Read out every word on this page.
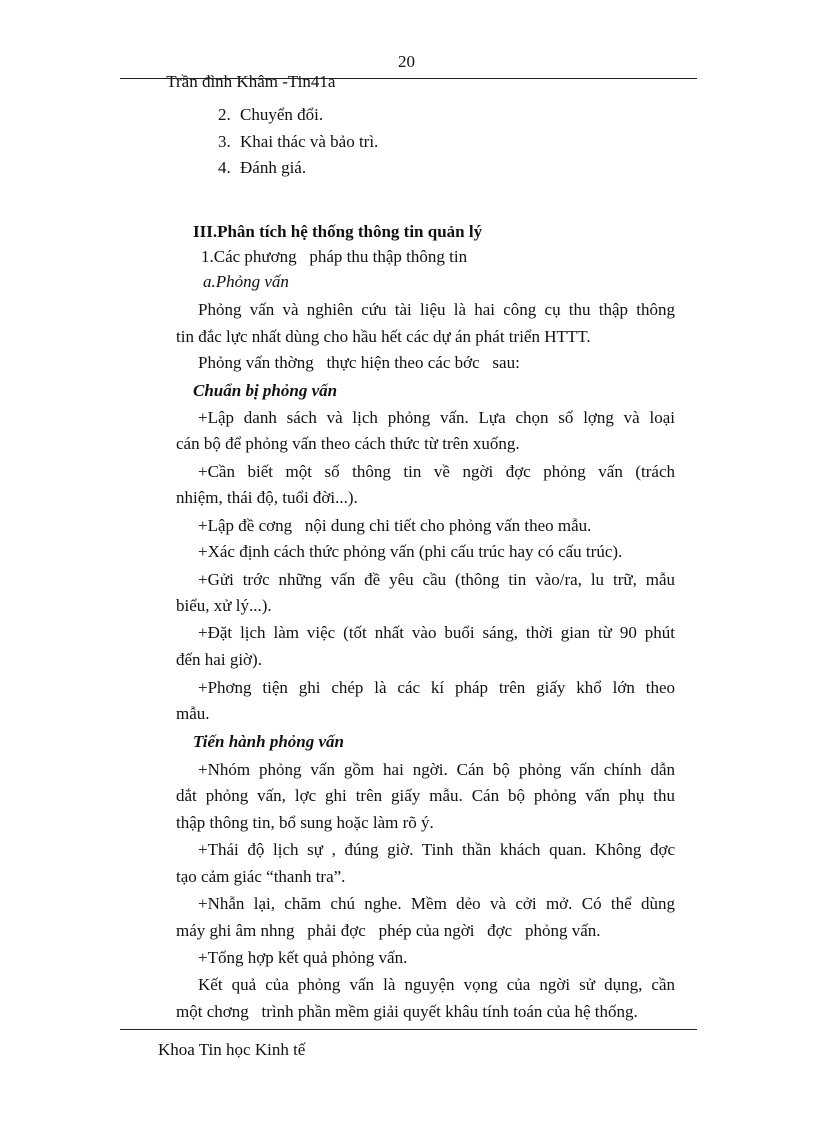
Trần đình Khâm -Tin41a

20

2. Chuyển đổi.
3. Khai thác và bảo trì.
4. Đánh giá.
III.Phân tích hệ thống thông tin quản lý
1.Các phương   pháp thu thập thông tin
a.Phỏng vấn
Phỏng vấn và nghiên cứu tài liệu là hai công cụ thu thập thông
tin đắc lực nhất dùng cho hầu hết các dự án phát triển HTTT.
Phỏng vấn thờng   thực hiện theo các bớc   sau:
Chuẩn bị phỏng vấn
+Lập danh sách và lịch phỏng vấn. Lựa chọn số lợng và loại
cán bộ để phỏng vấn theo cách thức từ trên xuống.
+Cần biết một số thông tin về ngời đợc phỏng vấn (trách
nhiệm, thái độ, tuổi đời...).
+Lập đề cơng   nội dung chi tiết cho phỏng vấn theo mẫu.
+Xác định cách thức phỏng vấn (phi cấu trúc hay có cấu trúc).
+Gửi trớc những vấn đề yêu cầu (thông tin vào/ra, lu trữ, mẫu
biểu, xử lý...).
+Đặt lịch làm việc (tốt nhất vào buổi sáng, thời gian từ 90 phút
đến hai giờ).
+Phơng tiện ghi chép là các kí pháp trên giấy khổ lớn theo
mẫu.
Tiến hành phỏng vấn
+Nhóm phỏng vấn gồm hai ngời. Cán bộ phỏng vấn chính dẫn
dắt phỏng vấn, lợc ghi trên giấy mẫu. Cán bộ phỏng vấn phụ thu
thập thông tin, bổ sung hoặc làm rõ ý.
+Thái độ lịch sự , đúng giờ. Tinh thần khách quan. Không đợc
tạo cảm giác “thanh tra”.
+Nhẫn lại, chăm chú nghe. Mềm dẻo và cởi mở. Có thể dùng
máy ghi âm nhng   phải đợc   phép của ngời   đợc   phỏng vấn.
+Tổng hợp kết quả phỏng vấn.
Kết quả của phỏng vấn là nguyện vọng của ngời sử dụng, cần
một chơng   trình phần mềm giải quyết khâu tính toán của hệ thống.
Khoa Tin học Kinh tế
